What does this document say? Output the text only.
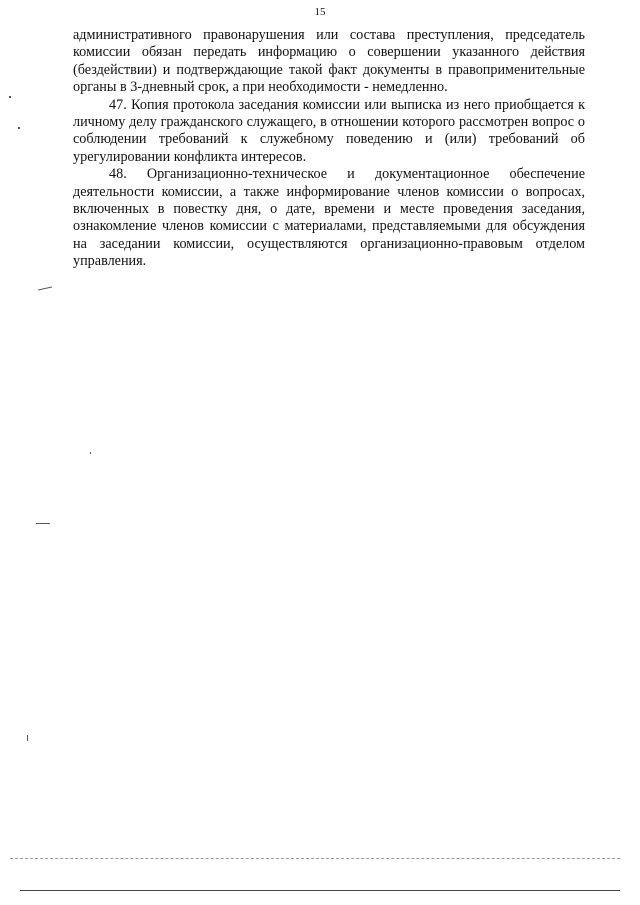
15

административного правонарушения или состава преступления, председатель комиссии обязан передать информацию о совершении указанного действия (бездействии) и подтверждающие такой факт документы в правоприменительные органы в 3-дневный срок, а при необходимости - немедленно.

47. Копия протокола заседания комиссии или выписка из него приобщается к личному делу гражданского служащего, в отношении которого рассмотрен вопрос о соблюдении требований к служебному поведению и (или) требований об урегулировании конфликта интересов.

48. Организационно-техническое и документационное обеспечение деятельности комиссии, а также информирование членов комиссии о вопросах, включенных в повестку дня, о дате, времени и месте проведения заседания, ознакомление членов комиссии с материалами, представляемыми для обсуждения на заседании комиссии, осуществляются организационно-правовым отделом управления.
